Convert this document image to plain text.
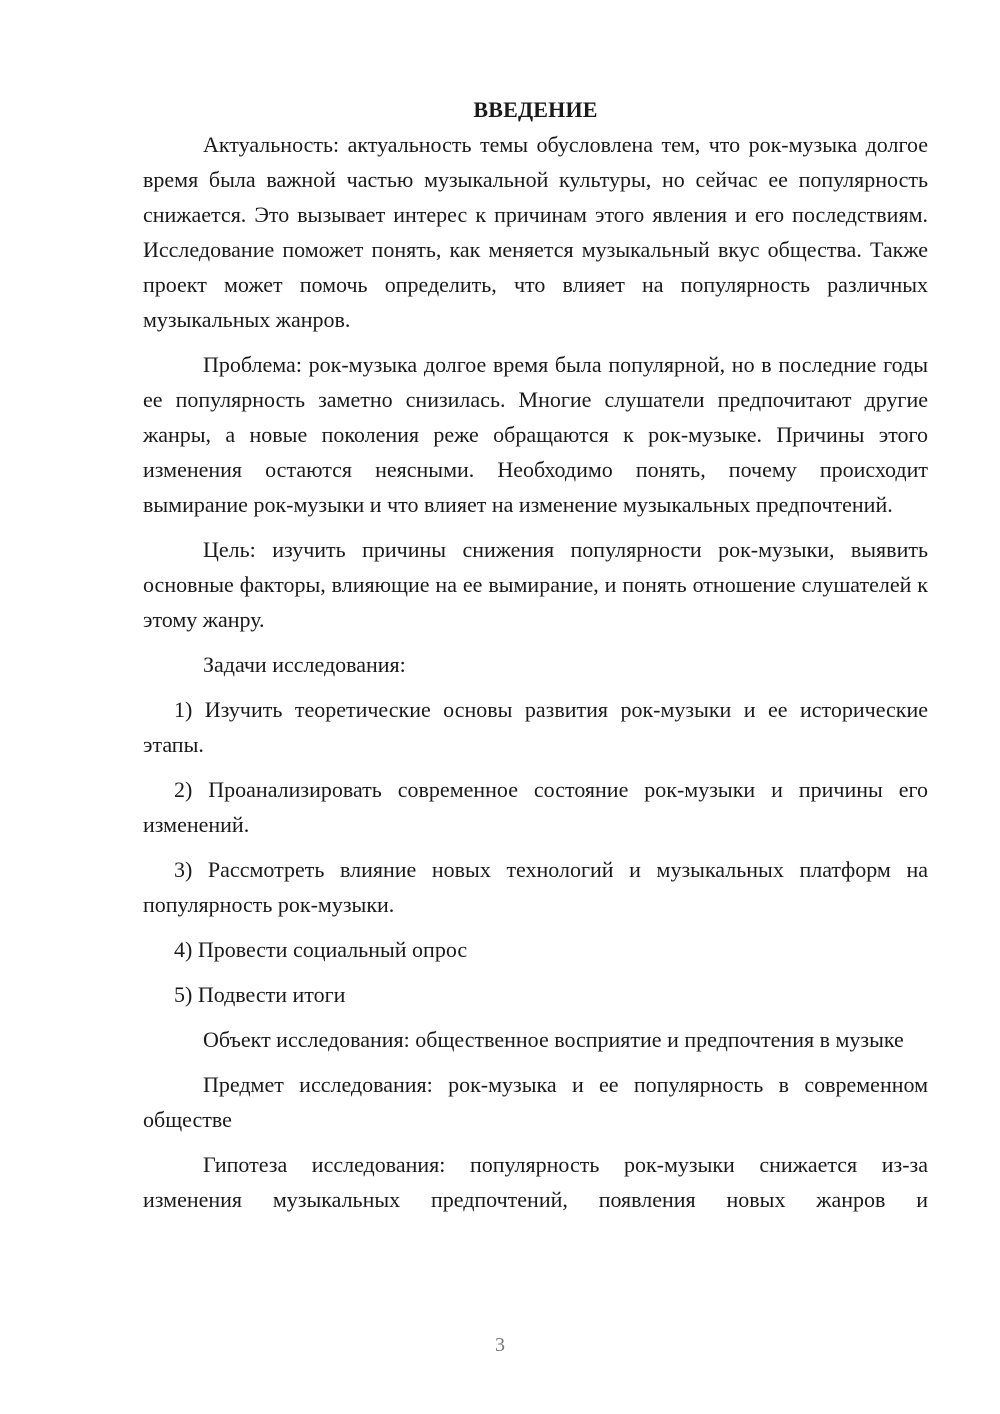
ВВЕДЕНИЕ

Актуальность: актуальность темы обусловлена тем, что рок-музыка долгое время была важной частью музыкальной культуры, но сейчас ее популярность снижается. Это вызывает интерес к причинам этого явления и его последствиям. Исследование поможет понять, как меняется музыкальный вкус общества. Также проект может помочь определить, что влияет на популярность различных музыкальных жанров.

Проблема: рок-музыка долгое время была популярной, но в последние годы ее популярность заметно снизилась. Многие слушатели предпочитают другие жанры, а новые поколения реже обращаются к рок-музыке. Причины этого изменения остаются неясными. Необходимо понять, почему происходит вымирание рок-музыки и что влияет на изменение музыкальных предпочтений.

Цель: изучить причины снижения популярности рок-музыки, выявить основные факторы, влияющие на ее вымирание, и понять отношение слушателей к этому жанру.

Задачи исследования:

1) Изучить теоретические основы развития рок-музыки и ее исторические этапы.

2) Проанализировать современное состояние рок-музыки и причины его изменений.

3) Рассмотреть влияние новых технологий и музыкальных платформ на популярность рок-музыки.

4) Провести социальный опрос

5) Подвести итоги

Объект исследования: общественное восприятие и предпочтения в музыке

Предмет исследования: рок-музыка и ее популярность в современном обществе

Гипотеза исследования: популярность рок-музыки снижается из-за изменения музыкальных предпочтений, появления новых жанров и

3
